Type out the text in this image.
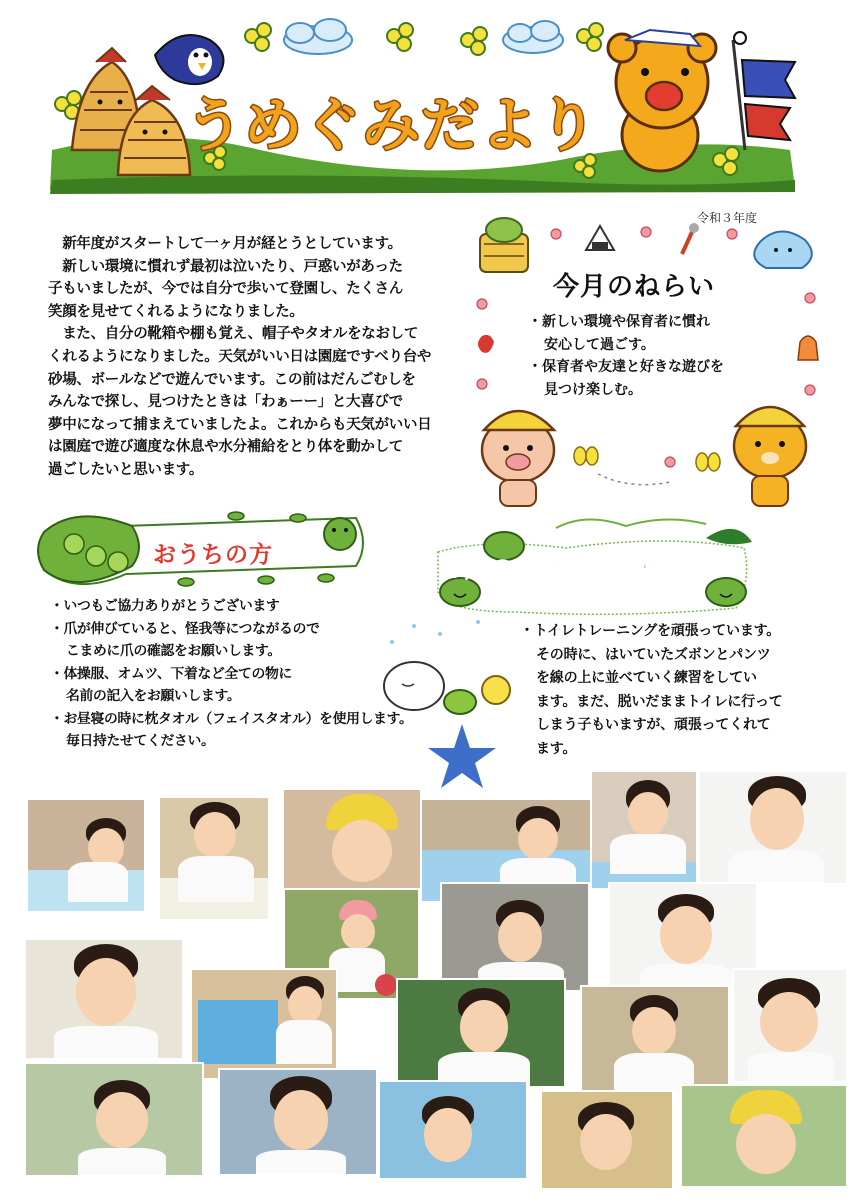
うめぐみだより
令和３年度

　新年度がスタートして一ヶ月が経とうとしています。

　新しい環境に慣れず最初は泣いたり、戸惑いがあった

子もいましたが、今では自分で歩いて登園し、たくさん

笑顔を見せてくれるようになりました。

　また、自分の靴箱や棚も覚え、帽子やタオルをなおして

くれるようになりました。天気がいい日は園庭ですべり台や

砂場、ボールなどで遊んでいます。この前はだんごむしを

みんなで探し、見つけたときは「わぁーー」と大喜びで

夢中になって捕まえていましたよ。これからも天気がいい日

は園庭で遊び適度な休息や水分補給をとり体を動かして

過ごしたいと思います。

今月のねらい
・新しい環境や保育者に慣れ
安心して過ごす。
・保育者や友達と好きな遊びを
見つけ楽しむ。
おうちの方
・いつもご協力ありがとうございます
・爪が伸びていると、怪我等につながるので
こまめに爪の確認をお願いします。
・体操服、オムツ、下着など全ての物に
名前の記入をお願いします。
・お昼寝の時に枕タオル（フェイスタオル）を使用します。
毎日持たせてください。
４月の子ども達の様子
・トイレトレーニングを頑張っています。
その時に、はいていたズボンとパンツ
を線の上に並べていく練習をしてい
ます。まだ、脱いだままトイレに行って
しまう子もいますが、頑張ってくれて
ます。
